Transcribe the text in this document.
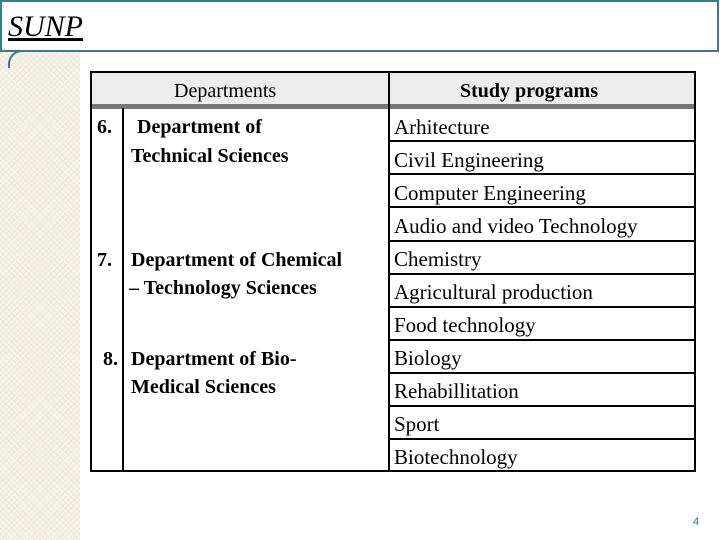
SUNP
Departments	Study programs
6. Department of
Technical Sciences
7. Department of Chemical
– Technology Sciences
8. Department of Bio-
Medical Sciences
Arhitecture
Civil Engineering
Computer Engineering
Audio and video Technology
Chemistry
Agricultural production
Food technology
Biology
Rehabillitation
Sport
Biotechnology
4
